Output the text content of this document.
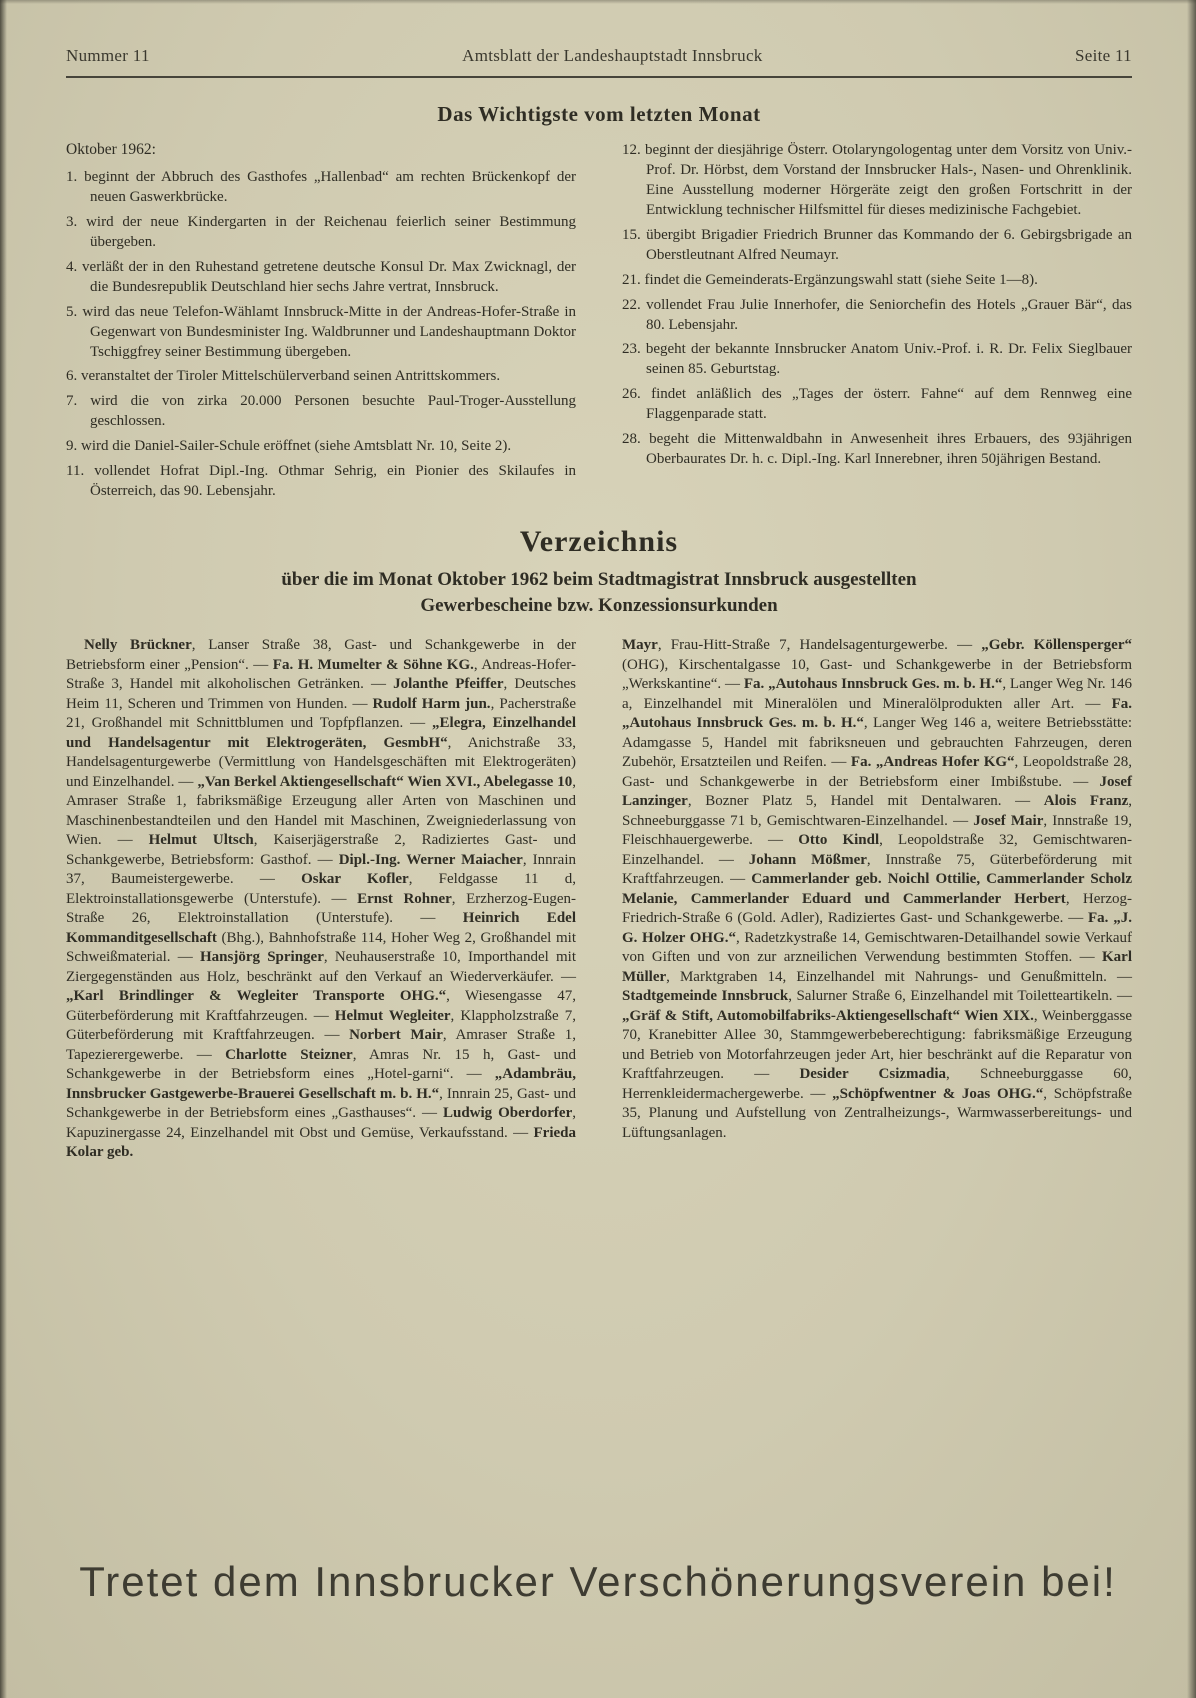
Nummer 11	Amtsblatt der Landeshauptstadt Innsbruck	Seite 11
Das Wichtigste vom letzten Monat

Oktober 1962:

1. beginnt der Abbruch des Gasthofes „Hallenbad“ am rechten Brückenkopf der neuen Gaswerkbrücke.

3. wird der neue Kindergarten in der Reichenau feierlich seiner Bestimmung übergeben.

4. verläßt der in den Ruhestand getretene deutsche Konsul Dr. Max Zwicknagl, der die Bundesrepublik Deutschland hier sechs Jahre vertrat, Innsbruck.

5. wird das neue Telefon-Wählamt Innsbruck-Mitte in der Andreas-Hofer-Straße in Gegenwart von Bundesminister Ing. Waldbrunner und Landeshauptmann Doktor Tschiggfrey seiner Bestimmung übergeben.

6. veranstaltet der Tiroler Mittelschülerverband seinen Antrittskommers.

7. wird die von zirka 20.000 Personen besuchte Paul-Troger-Ausstellung geschlossen.

9. wird die Daniel-Sailer-Schule eröffnet (siehe Amtsblatt Nr. 10, Seite 2).

11. vollendet Hofrat Dipl.-Ing. Othmar Sehrig, ein Pionier des Skilaufes in Österreich, das 90. Lebensjahr.

12. beginnt der diesjährige Österr. Otolaryngologentag unter dem Vorsitz von Univ.-Prof. Dr. Hörbst, dem Vorstand der Innsbrucker Hals-, Nasen- und Ohrenklinik. Eine Ausstellung moderner Hörgeräte zeigt den großen Fortschritt in der Entwicklung technischer Hilfsmittel für dieses medizinische Fachgebiet.

15. übergibt Brigadier Friedrich Brunner das Kommando der 6. Gebirgsbrigade an Oberstleutnant Alfred Neumayr.

21. findet die Gemeinderats-Ergänzungswahl statt (siehe Seite 1—8).

22. vollendet Frau Julie Innerhofer, die Seniorchefin des Hotels „Grauer Bär“, das 80. Lebensjahr.

23. begeht der bekannte Innsbrucker Anatom Univ.-Prof. i. R. Dr. Felix Sieglbauer seinen 85. Geburtstag.

26. findet anläßlich des „Tages der österr. Fahne“ auf dem Rennweg eine Flaggenparade statt.

28. begeht die Mittenwaldbahn in Anwesenheit ihres Erbauers, des 93jährigen Oberbaurates Dr. h. c. Dipl.-Ing. Karl Innerebner, ihren 50jährigen Bestand.

Verzeichnis

über die im Monat Oktober 1962 beim Stadtmagistrat Innsbruck ausgestellten
Gewerbescheine bzw. Konzessionsurkunden

Nelly Brückner, Lanser Straße 38, Gast- und Schankgewerbe in der Betriebsform einer „Pension“. — Fa. H. Mumelter & Söhne KG., Andreas-Hofer-Straße 3, Handel mit alkoholischen Getränken. — Jolanthe Pfeiffer, Deutsches Heim 11, Scheren und Trimmen von Hunden. — Rudolf Harm jun., Pacherstraße 21, Großhandel mit Schnittblumen und Topfpflanzen. — „Elegra, Einzelhandel und Handelsagentur mit Elektrogeräten, GesmbH“, Anichstraße 33, Handelsagenturgewerbe (Vermittlung von Handelsgeschäften mit Elektrogeräten) und Einzelhandel. — „Van Berkel Aktiengesellschaft“ Wien XVI., Abelegasse 10, Amraser Straße 1, fabriksmäßige Erzeugung aller Arten von Maschinen und Maschinenbestandteilen und den Handel mit Maschinen, Zweigniederlassung von Wien. — Helmut Ultsch, Kaiserjägerstraße 2, Radiziertes Gast- und Schankgewerbe, Betriebsform: Gasthof. — Dipl.-Ing. Werner Maiacher, Innrain 37, Baumeistergewerbe. — Oskar Kofler, Feldgasse 11 d, Elektroinstallationsgewerbe (Unterstufe). — Ernst Rohner, Erzherzog-Eugen-Straße 26, Elektroinstallation (Unterstufe). — Heinrich Edel Kommanditgesellschaft (Bhg.), Bahnhofstraße 114, Hoher Weg 2, Großhandel mit Schweißmaterial. — Hansjörg Springer, Neuhauserstraße 10, Importhandel mit Ziergegenständen aus Holz, beschränkt auf den Verkauf an Wiederverkäufer. — „Karl Brindlinger & Wegleiter Transporte OHG.“, Wiesengasse 47, Güterbeförderung mit Kraftfahrzeugen. — Helmut Wegleiter, Klappholzstraße 7, Güterbeförderung mit Kraftfahrzeugen. — Norbert Mair, Amraser Straße 1, Tapezierergewerbe. — Charlotte Steizner, Amras Nr. 15 h, Gast- und Schankgewerbe in der Betriebsform eines „Hotel-garni“. — „Adambräu, Innsbrucker Gastgewerbe-Brauerei Gesellschaft m. b. H.“, Innrain 25, Gast- und Schankgewerbe in der Betriebsform eines „Gasthauses“. — Ludwig Oberdorfer, Kapuzinergasse 24, Einzelhandel mit Obst und Gemüse, Verkaufsstand. — Frieda Kolar geb.
Mayr, Frau-Hitt-Straße 7, Handelsagenturgewerbe. — „Gebr. Köllensperger“ (OHG), Kirschentalgasse 10, Gast- und Schankgewerbe in der Betriebsform „Werkskantine“. — Fa. „Autohaus Innsbruck Ges. m. b. H.“, Langer Weg Nr. 146 a, Einzelhandel mit Mineralölen und Mineralölprodukten aller Art. — Fa. „Autohaus Innsbruck Ges. m. b. H.“, Langer Weg 146 a, weitere Betriebsstätte: Adamgasse 5, Handel mit fabriksneuen und gebrauchten Fahrzeugen, deren Zubehör, Ersatzteilen und Reifen. — Fa. „Andreas Hofer KG“, Leopoldstraße 28, Gast- und Schankgewerbe in der Betriebsform einer Imbißstube. — Josef Lanzinger, Bozner Platz 5, Handel mit Dentalwaren. — Alois Franz, Schneeburggasse 71 b, Gemischtwaren-Einzelhandel. — Josef Mair, Innstraße 19, Fleischhauergewerbe. — Otto Kindl, Leopoldstraße 32, Gemischtwaren-Einzelhandel. — Johann Mößmer, Innstraße 75, Güterbeförderung mit Kraftfahrzeugen. — Cammerlander geb. Noichl Ottilie, Cammerlander Scholz Melanie, Cammerlander Eduard und Cammerlander Herbert, Herzog-Friedrich-Straße 6 (Gold. Adler), Radiziertes Gast- und Schankgewerbe. — Fa. „J. G. Holzer OHG.“, Radetzkystraße 14, Gemischtwaren-Detailhandel sowie Verkauf von Giften und von zur arzneilichen Verwendung bestimmten Stoffen. — Karl Müller, Marktgraben 14, Einzelhandel mit Nahrungs- und Genußmitteln. — Stadtgemeinde Innsbruck, Salurner Straße 6, Einzelhandel mit Toiletteartikeln. — „Gräf & Stift, Automobilfabriks-Aktiengesellschaft“ Wien XIX., Weinberggasse 70, Kranebitter Allee 30, Stammgewerbeberechtigung: fabriksmäßige Erzeugung und Betrieb von Motorfahrzeugen jeder Art, hier beschränkt auf die Reparatur von Kraftfahrzeugen. — Desider Csizmadia, Schneeburggasse 60, Herrenkleidermachergewerbe. — „Schöpfwentner & Joas OHG.“, Schöpfstraße 35, Planung und Aufstellung von Zentralheizungs-, Warmwasserbereitungs- und Lüftungsanlagen.
Tretet dem Innsbrucker Verschönerungsverein bei!
